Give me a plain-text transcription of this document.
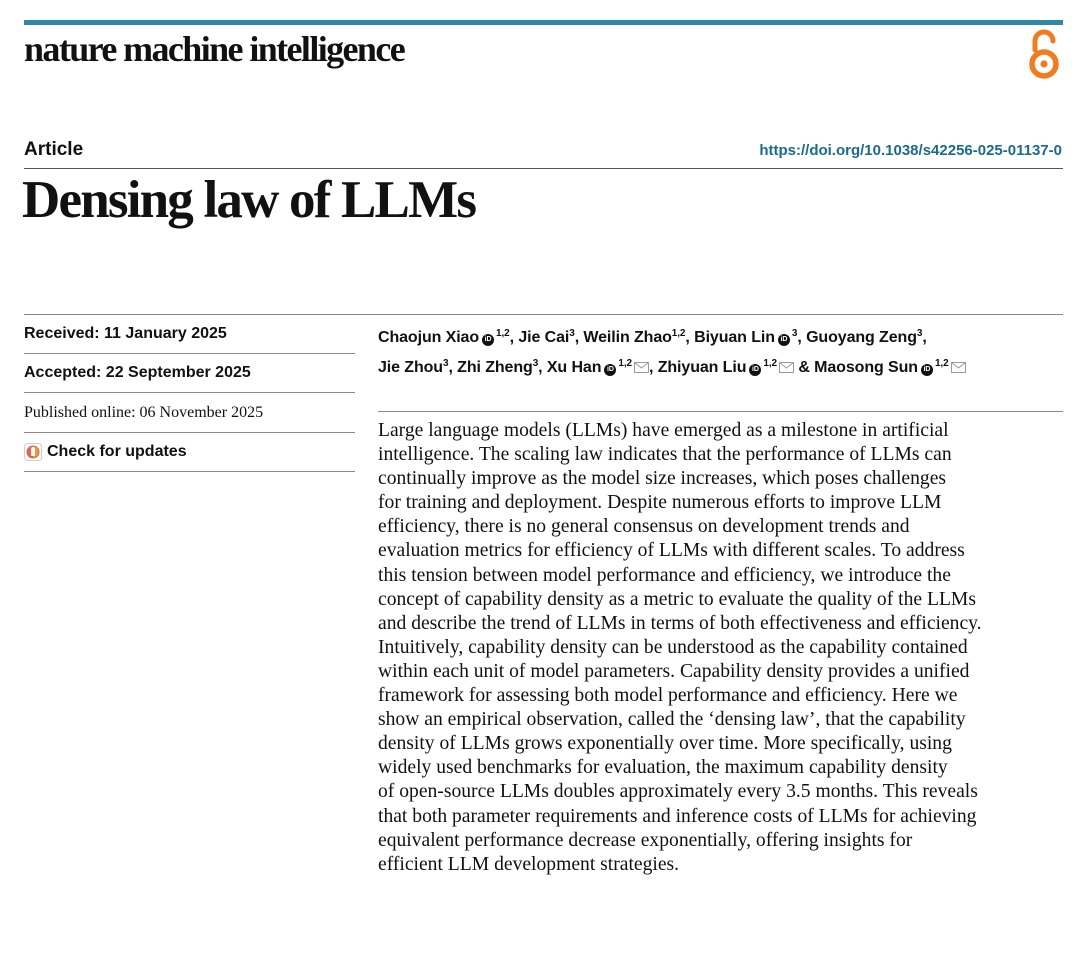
nature machine intelligence
Article	https://doi.org/10.1038/s42256-025-01137-0
Densing law of LLMs
Received: 11 January 2025
Accepted: 22 September 2025
Published online: 06 November 2025
Check for updates
Chaojun Xiao iD$^{1,2}$, Jie Cai$^3$, Weilin Zhao$^{1,2}$, Biyuan Lin iD$^3$, Guoyang Zeng$^3$,
Jie Zhou$^3$, Zhi Zheng$^3$, Xu Han iD$^{1,2}$ , Zhiyuan Liu iD$^{1,2}$ & Maosong Sun iD$^{1,2}$

Large language models (LLMs) have emerged as a milestone in artificial
intelligence. The scaling law indicates that the performance of LLMs can
continually improve as the model size increases, which poses challenges
for training and deployment. Despite numerous efforts to improve LLM
efficiency, there is no general consensus on development trends and
evaluation metrics for efficiency of LLMs with different scales. To address
this tension between model performance and efficiency, we introduce the
concept of capability density as a metric to evaluate the quality of the LLMs
and describe the trend of LLMs in terms of both effectiveness and efficiency.
Intuitively, capability density can be understood as the capability contained
within each unit of model parameters. Capability density provides a unified
framework for assessing both model performance and efficiency. Here we
show an empirical observation, called the ‘densing law’, that the capability
density of LLMs grows exponentially over time. More specifically, using
widely used benchmarks for evaluation, the maximum capability density
of open-source LLMs doubles approximately every 3.5 months. This reveals
that both parameter requirements and inference costs of LLMs for achieving
equivalent performance decrease exponentially, offering insights for
efficient LLM development strategies.
